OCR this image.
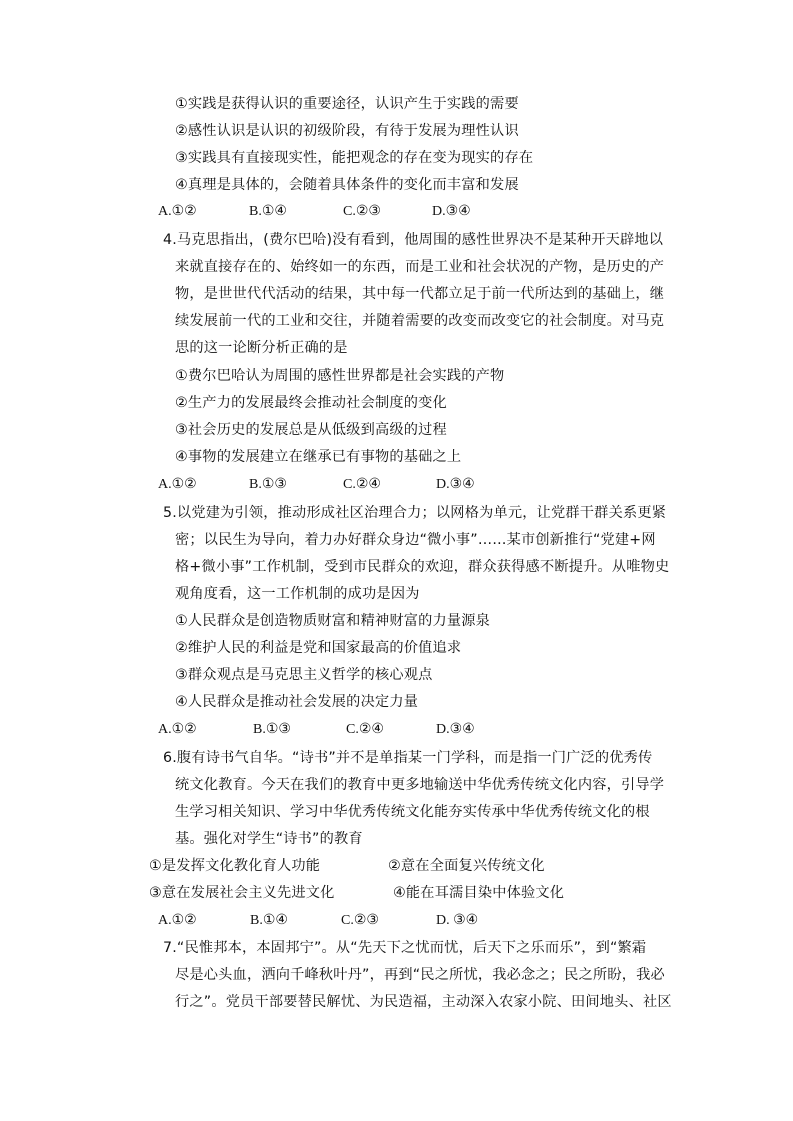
①实践是获得认识的重要途径，认识产生于实践的需要
②感性认识是认识的初级阶段，有待于发展为理性认识
③实践具有直接现实性，能把观念的存在变为现实的存在
④真理是具体的，会随着具体条件的变化而丰富和发展
A.①②	B.①④	C.②③	D.③④
4.马克思指出，(费尔巴哈)没有看到，他周围的感性世界决不是某种开天辟地以
来就直接存在的、始终如一的东西，而是工业和社会状况的产物，是历史的产
物，是世世代代活动的结果，其中每一代都立足于前一代所达到的基础上，继
续发展前一代的工业和交往，并随着需要的改变而改变它的社会制度。对马克
思的这一论断分析正确的是
①费尔巴哈认为周围的感性世界都是社会实践的产物
②生产力的发展最终会推动社会制度的变化
③社会历史的发展总是从低级到高级的过程
④事物的发展建立在继承已有事物的基础之上
A.①②	B.①③	C.②④	D.③④
5.以党建为引领，推动形成社区治理合力；以网格为单元，让党群干群关系更紧
密；以民生为导向，着力办好群众身边“微小事”……某市创新推行“党建+网
格+微小事”工作机制，受到市民群众的欢迎，群众获得感不断提升。从唯物史
观角度看，这一工作机制的成功是因为
①人民群众是创造物质财富和精神财富的力量源泉
②维护人民的利益是党和国家最高的价值追求
③群众观点是马克思主义哲学的核心观点
④人民群众是推动社会发展的决定力量
A.①②	B.①③	C.②④	D.③④
6.腹有诗书气自华。“诗书”并不是单指某一门学科，而是指一门广泛的优秀传
统文化教育。今天在我们的教育中更多地输送中华优秀传统文化内容，引导学
生学习相关知识、学习中华优秀传统文化能夯实传承中华优秀传统文化的根
基。强化对学生“诗书”的教育
①是发挥文化教化育人功能	②意在全面复兴传统文化
③意在发展社会主义先进文化	④能在耳濡目染中体验文化
A.①②	B.①④	C.②③	D. ③④
7.“民惟邦本，本固邦宁”。从“先天下之忧而忧，后天下之乐而乐”，到“繁霜
尽是心头血，洒向千峰秋叶丹”，再到“民之所忧，我必念之；民之所盼，我必
行之”。党员干部要替民解忧、为民造福，主动深入农家小院、田间地头、社区
